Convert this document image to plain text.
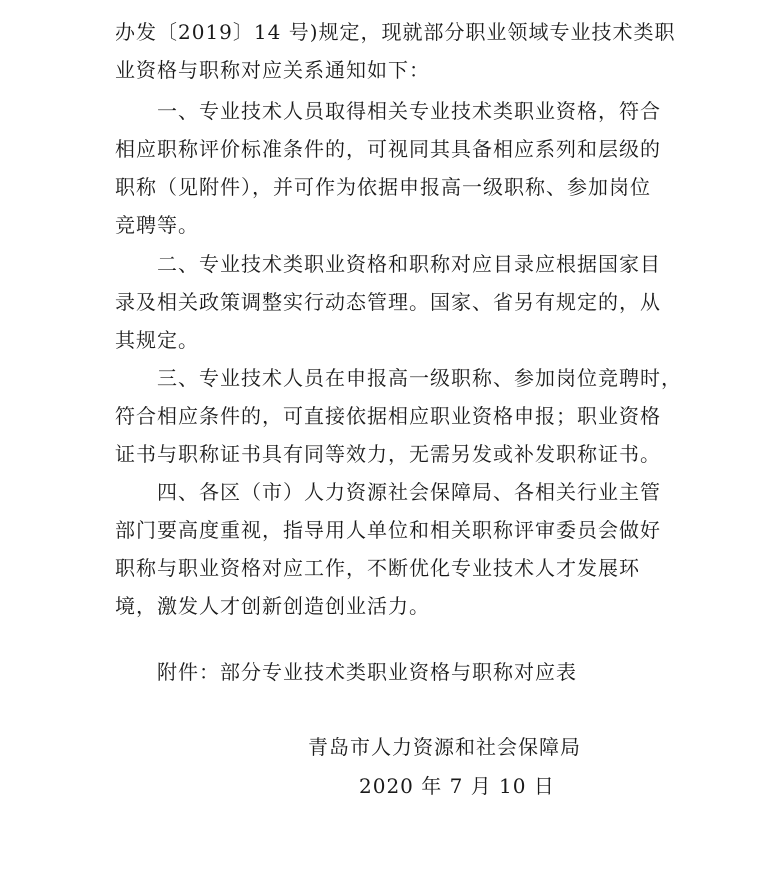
办发〔2019〕14 号)规定，现就部分职业领域专业技术类职
业资格与职称对应关系通知如下：
一、专业技术人员取得相关专业技术类职业资格，符合
相应职称评价标准条件的，可视同其具备相应系列和层级的
职称（见附件），并可作为依据申报高一级职称、参加岗位
竞聘等。
二、专业技术类职业资格和职称对应目录应根据国家目
录及相关政策调整实行动态管理。国家、省另有规定的，从
其规定。
三、专业技术人员在申报高一级职称、参加岗位竞聘时，
符合相应条件的，可直接依据相应职业资格申报；职业资格
证书与职称证书具有同等效力，无需另发或补发职称证书。
四、各区（市）人力资源社会保障局、各相关行业主管
部门要高度重视，指导用人单位和相关职称评审委员会做好
职称与职业资格对应工作，不断优化专业技术人才发展环
境，激发人才创新创造创业活力。
附件：部分专业技术类职业资格与职称对应表
青岛市人力资源和社会保障局
2020 年 7 月 10 日
